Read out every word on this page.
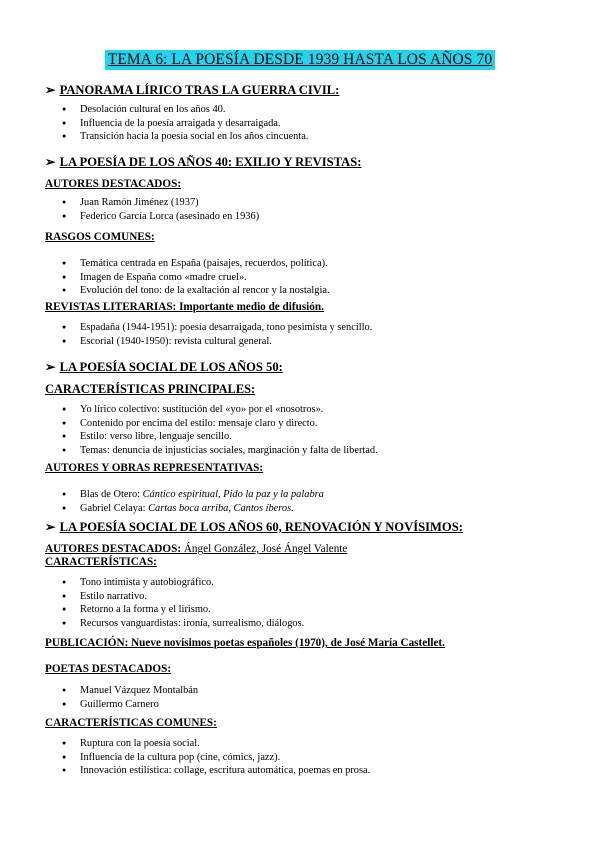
TEMA 6: LA POESÍA DESDE 1939 HASTA LOS AÑOS 70
➢ PANORAMA LÍRICO TRAS LA GUERRA CIVIL:
● Desolación cultural en los años 40.
● Influencia de la poesía arraigada y desarraigada.
● Transición hacia la poesía social en los años cincuenta.
➢ LA POESÍA DE LOS AÑOS 40: EXILIO Y REVISTAS:
AUTORES DESTACADOS:
● Juan Ramón Jiménez (1937)
● Federico García Lorca (asesinado en 1936)
RASGOS COMUNES:
● Temática centrada en España (paisajes, recuerdos, política).
● Imagen de España como «madre cruel».
● Evolución del tono: de la exaltación al rencor y la nostalgia.
REVISTAS LITERARIAS: Importante medio de difusión.
● Espadaña (1944-1951): poesía desarraigada, tono pesimista y sencillo.
● Escorial (1940-1950): revista cultural general.
➢ LA POESÍA SOCIAL DE LOS AÑOS 50:
CARACTERÍSTICAS PRINCIPALES:
● Yo lírico colectivo: sustitución del «yo» por el «nosotros».
● Contenido por encima del estilo: mensaje claro y directo.
● Estilo: verso libre, lenguaje sencillo.
● Temas: denuncia de injusticias sociales, marginación y falta de libertad.
AUTORES Y OBRAS REPRESENTATIVAS:
● Blas de Otero: Cántico espiritual, Pido la paz y la palabra
● Gabriel Celaya: Cartas boca arriba, Cantos íberos.
➢ LA POESÍA SOCIAL DE LOS AÑOS 60, RENOVACIÓN Y NOVÍSIMOS:
AUTORES DESTACADOS: Ángel González, José Ángel Valente
CARACTERÍSTICAS:
● Tono intimista y autobiográfico.
● Estilo narrativo.
● Retorno a la forma y el lirismo.
● Recursos vanguardistas: ironía, surrealismo, diálogos.
PUBLICACIÓN: Nueve novísimos poetas españoles (1970), de José María Castellet.
POETAS DESTACADOS:
● Manuel Vázquez Montalbán
● Guillermo Carnero
CARACTERÍSTICAS COMUNES:
● Ruptura con la poesía social.
● Influencia de la cultura pop (cine, cómics, jazz).
● Innovación estilística: collage, escritura automática, poemas en prosa.
